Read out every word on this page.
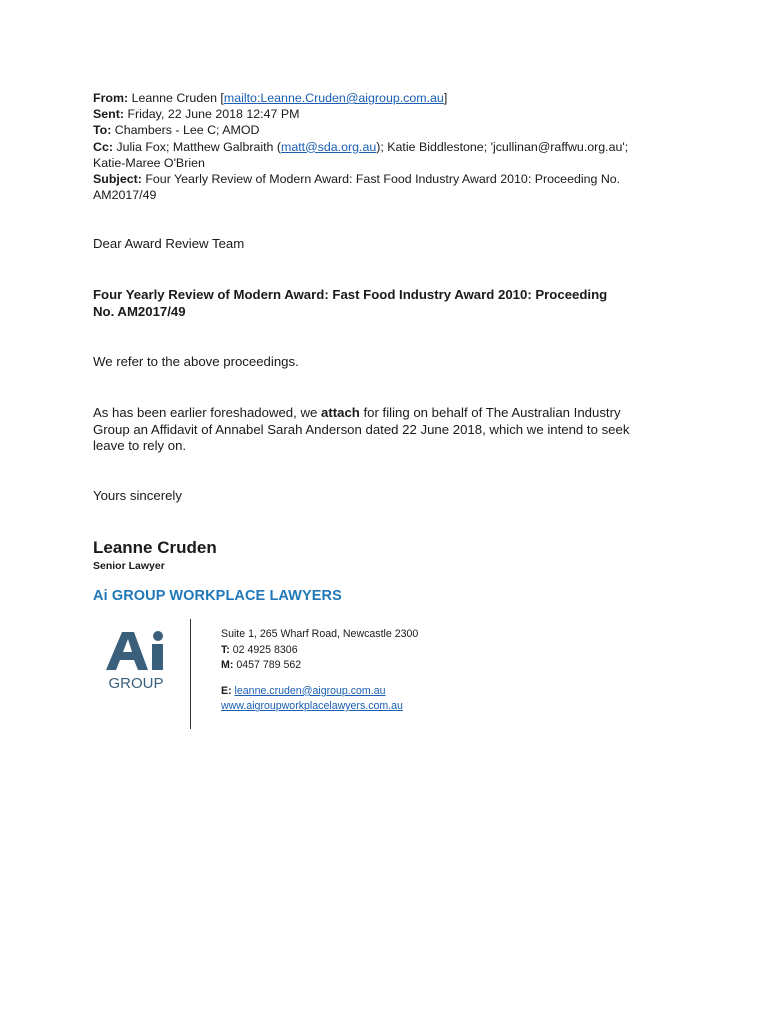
From: Leanne Cruden [mailto:Leanne.Cruden@aigroup.com.au]
Sent: Friday, 22 June 2018 12:47 PM
To: Chambers - Lee C; AMOD
Cc: Julia Fox; Matthew Galbraith (matt@sda.org.au); Katie Biddlestone; 'jcullinan@raffwu.org.au';
Katie-Maree O'Brien
Subject: Four Yearly Review of Modern Award: Fast Food Industry Award 2010: Proceeding No.
AM2017/49
Dear Award Review Team
Four Yearly Review of Modern Award: Fast Food Industry Award 2010: Proceeding
No. AM2017/49
We refer to the above proceedings.
As has been earlier foreshadowed, we attach for filing on behalf of The Australian Industry
Group an Affidavit of Annabel Sarah Anderson dated 22 June 2018, which we intend to seek
leave to rely on.
Yours sincerely
Leanne Cruden
Senior Lawyer
Ai GROUP WORKPLACE LAWYERS
GROUP
Suite 1, 265 Wharf Road, Newcastle 2300
T: 02 4925 8306
M: 0457 789 562
E: leanne.cruden@aigroup.com.au
www.aigroupworkplacelawyers.com.au
